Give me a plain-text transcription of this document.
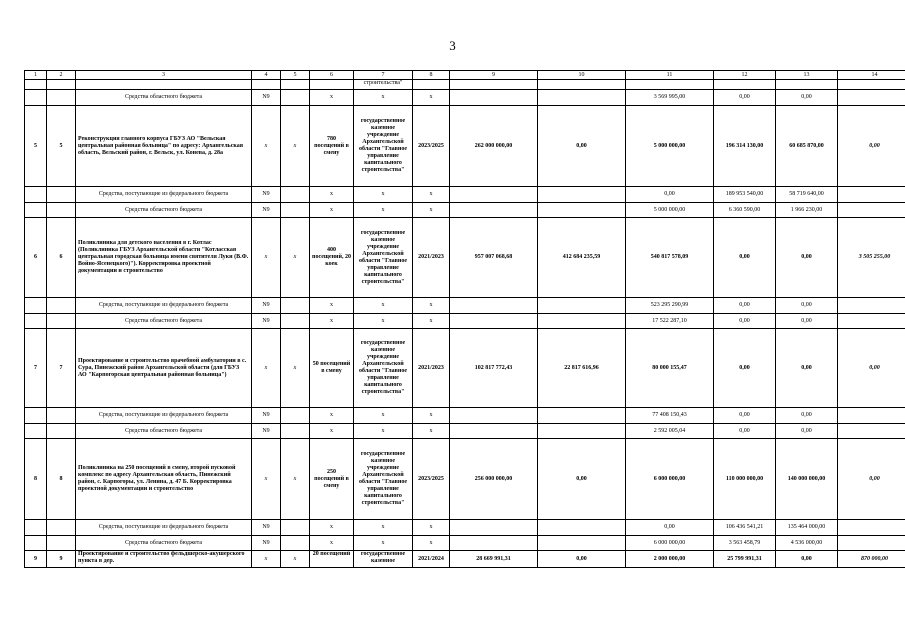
3
1	2	3	4	5	6	7	8	9	10	11	12	13	14
						строительства"							
		Средства областного бюджета	N9		x	x	x			3 569 995,00	0,00	0,00	
5	5	Реконструкция главного корпуса ГБУЗ АО "Вельская центральная районная больница" по адресу: Архангельская область, Вельский район, г. Вельск, ул. Конева, д. 28а	x	x	780 посещений в смену	государственное казенное учреждение Архангельской области "Главное управление капитального строительства"	2023/2025	262 000 000,00	0,00	5 000 000,00	196 314 130,00	60 685 870,00	0,00
		Средства, поступающие из федерального бюджета	N9		x	x	x			0,00	189 953 540,00	58 719 640,00	
		Средства областного бюджета	N9		x	x	x			5 000 000,00	6 360 590,00	1 966 230,00	
6	6	Поликлиника для детского населения в г. Котлас (Поликлиника ГБУЗ Архангельской области "Котласская центральная городская больница имени святителя Луки (В.Ф. Войно-Ясенецкого)"). Корректировка проектной документации и строительство	x	x	400 посещений, 20 коек	государственное казенное учреждение Архангельской области "Главное управление капитального строительства"	2021/2023	957 007 068,68	412 684 235,59	540 817 578,09	0,00	0,00	3 505 255,00
		Средства, поступающие из федерального бюджета	N9		x	x	x			523 295 290,99	0,00	0,00	
		Средства областного бюджета	N9		x	x	x			17 522 287,10	0,00	0,00	
7	7	Проектирование и строительство врачебной амбулатории в с. Сура, Пинежский район Архангельской области (для ГБУЗ АО "Карпогорская центральная районная больница")	x	x	50 посещений в смену	государственное казенное учреждение Архангельской области "Главное управление капитального строительства"	2021/2023	102 817 772,43	22 817 616,96	80 000 155,47	0,00	0,00	0,00
		Средства, поступающие из федерального бюджета	N9		x	x	x			77 408 150,43	0,00	0,00	
		Средства областного бюджета	N9		x	x	x			2 592 005,04	0,00	0,00	
8	8	Поликлиника на 250 посещений в смену, второй пусковой комплекс по адресу Архангельская область, Пинежский район, с. Карпогоры, ул. Ленина, д. 47 Б. Корректировка проектной документации и строительство	x	x	250 посещений в смену	государственное казенное учреждение Архангельской области "Главное управление капитального строительства"	2023/2025	256 000 000,00	0,00	6 000 000,00	110 000 000,00	140 000 000,00	0,00
		Средства, поступающие из федерального бюджета	N9		x	x	x			0,00	106 436 541,21	135 464 000,00	
		Средства областного бюджета	N9		x	x	x			6 000 000,00	3 563 458,79	4 536 000,00	
9	9	Проектирование и строительство фельдшерско-акушерского пункта в дер.	x	x	20 посещений	государственное казенное	2021/2024	28 669 991,31	0,00	2 000 000,00	25 799 991,31	0,00	870 000,00
